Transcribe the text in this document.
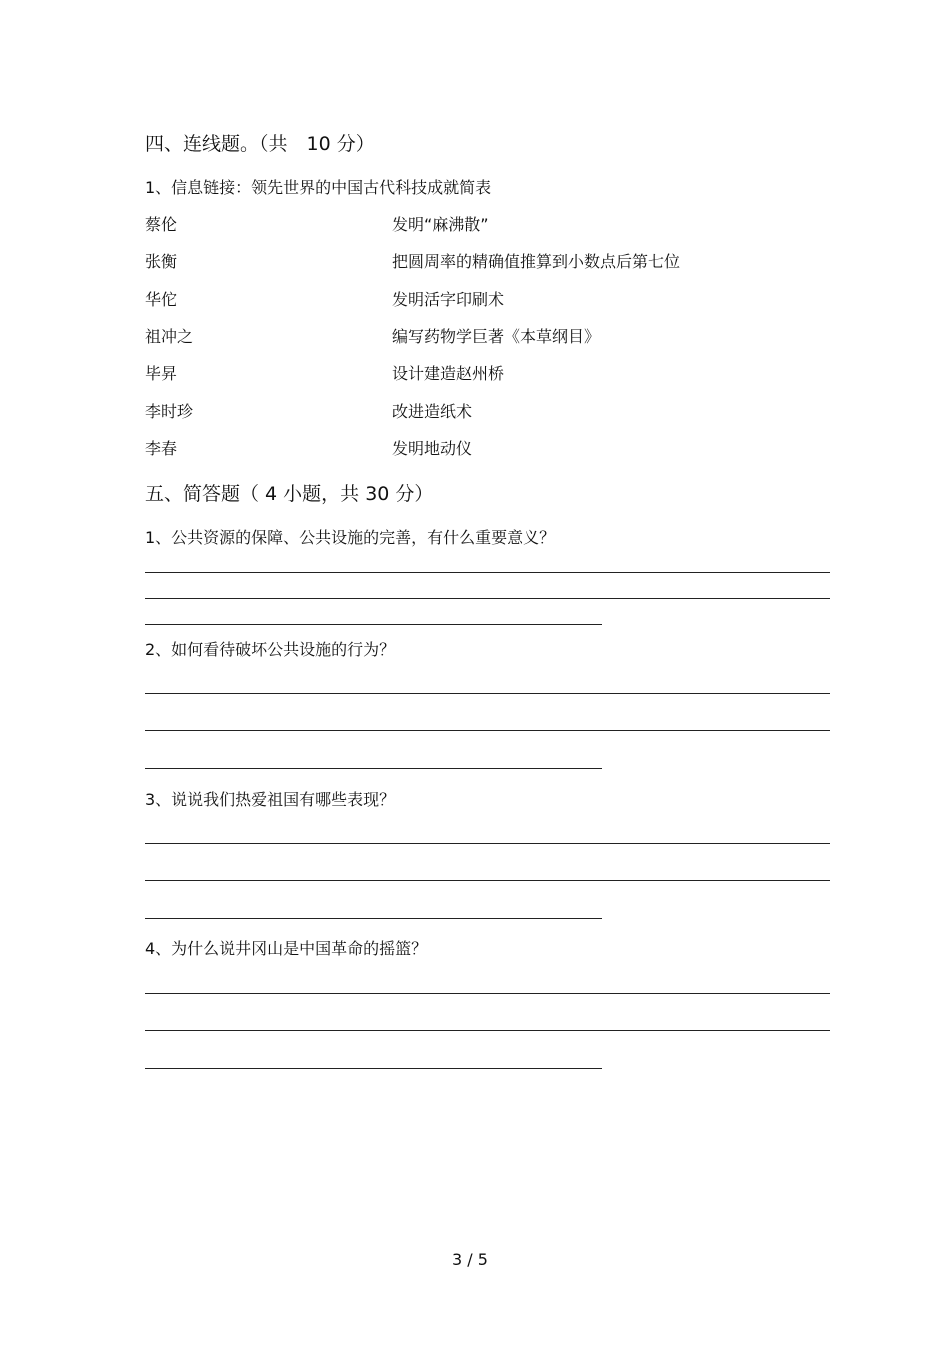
四、连线题。（共　10 分）
1、信息链接：领先世界的中国古代科技成就简表
蔡伦
张衡
华佗
祖冲之
毕昇
李时珍
李春
发明“麻沸散”
把圆周率的精确值推算到小数点后第七位
发明活字印刷术
编写药物学巨著《本草纲目》
设计建造赵州桥
改进造纸术
发明地动仪
五、简答题（ 4 小题，共 30 分）
1、公共资源的保障、公共设施的完善，有什么重要意义？
2、如何看待破坏公共设施的行为？
3、说说我们热爱祖国有哪些表现？
4、为什么说井冈山是中国革命的摇篮？
3 / 5
